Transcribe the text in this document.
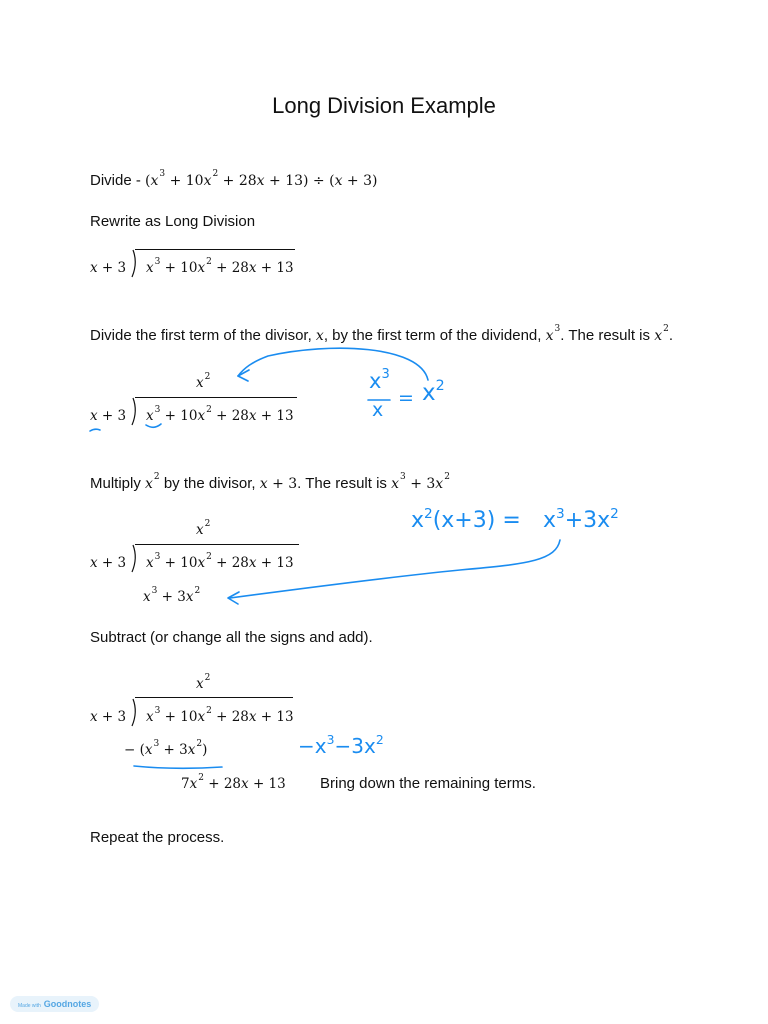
Long Division Example
Divide - $(x^3 + 10x^2 + 28x + 13) \div (x + 3)$
Rewrite as Long Division
x + 3 $x^3 + 10x^2 + 28x + 13$
Divide the first term of the divisor, x, by the first term of the dividend, $x^3$. The result is $x^2$.
$x^2$
x + 3 $x^3 + 10x^2 + 28x + 13$
Multiply $x^2$ by the divisor, x + 3. The result is $x^3 + 3x^2$
$x^2$
x + 3 $x^3 + 10x^2 + 28x + 13$
$x^3 + 3x^2$
Subtract (or change all the signs and add).
$x^2$
x + 3 $x^3 + 10x^2 + 28x + 13$
− $(x^3 + 3x^2)$
$7x^2 + 28x + 13$ Bring down the remaining terms.
Repeat the process.
$x^3$
x
= $x^2$
$x^2(x+3) = x^3+3x^2$
$-x^3-3x^2$
Made with Goodnotes
